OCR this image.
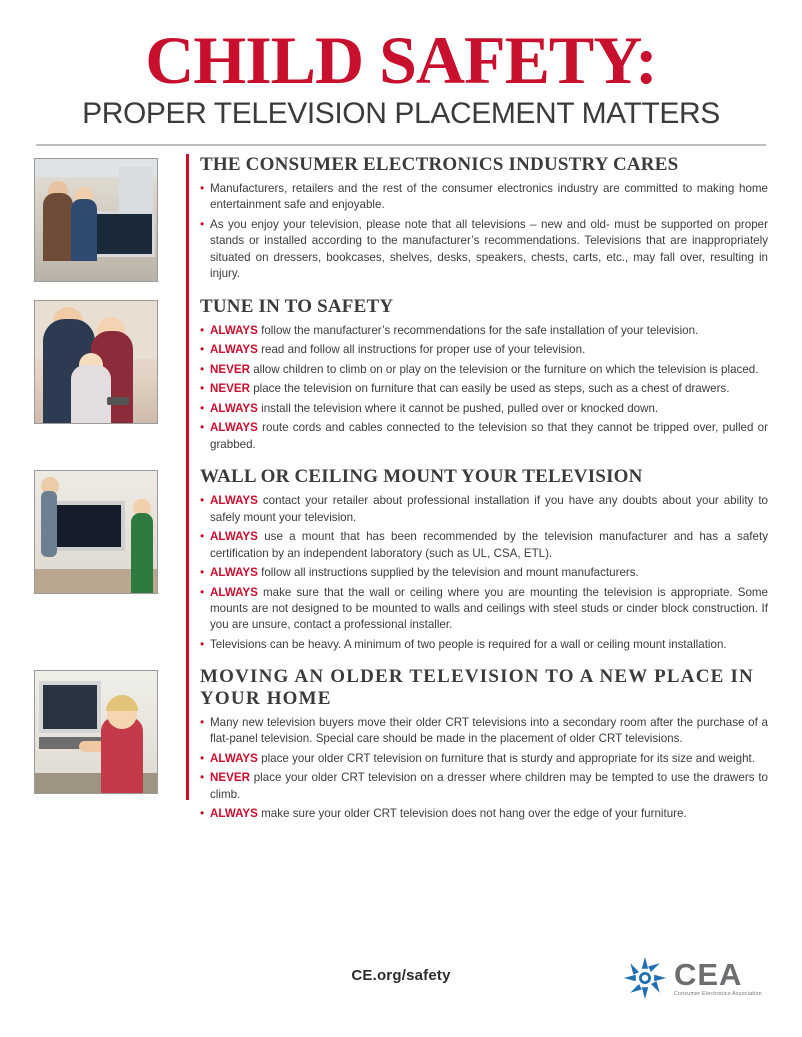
CHILD SAFETY:
PROPER TELEVISION PLACEMENT MATTERS
THE CONSUMER ELECTRONICS INDUSTRY CARES
• Manufacturers, retailers and the rest of the consumer electronics industry are committed to making home entertainment safe and enjoyable.
• As you enjoy your television, please note that all televisions – new and old- must be supported on proper stands or installed according to the manufacturer’s recommendations. Televisions that are inappropriately situated on dressers, bookcases, shelves, desks, speakers, chests, carts, etc., may fall over, resulting in injury.
TUNE IN TO SAFETY
• ALWAYS follow the manufacturer’s recommendations for the safe installation of your television.
• ALWAYS read and follow all instructions for proper use of your television.
• NEVER allow children to climb on or play on the television or the furniture on which the television is placed.
• NEVER place the television on furniture that can easily be used as steps, such as a chest of drawers.
• ALWAYS install the television where it cannot be pushed, pulled over or knocked down.
• ALWAYS route cords and cables connected to the television so that they cannot be tripped over, pulled or grabbed.
WALL OR CEILING MOUNT YOUR TELEVISION
• ALWAYS contact your retailer about professional installation if you have any doubts about your ability to safely mount your television.
• ALWAYS use a mount that has been recommended by the television manufacturer and has a safety certification by an independent laboratory (such as UL, CSA, ETL).
• ALWAYS follow all instructions supplied by the television and mount manufacturers.
• ALWAYS make sure that the wall or ceiling where you are mounting the television is appropriate. Some mounts are not designed to be mounted to walls and ceilings with steel studs or cinder block construction. If you are unsure, contact a professional installer.
• Televisions can be heavy. A minimum of two people is required for a wall or ceiling mount installation.
MOVING AN OLDER TELEVISION TO A NEW PLACE IN YOUR HOME
• Many new television buyers move their older CRT televisions into a secondary room after the purchase of a flat-panel television. Special care should be made in the placement of older CRT televisions.
• ALWAYS place your older CRT television on furniture that is sturdy and appropriate for its size and weight.
• NEVER place your older CRT television on a dresser where children may be tempted to use the drawers to climb.
• ALWAYS make sure your older CRT television does not hang over the edge of your furniture.
CE.org/safety	CEA
Consumer Electronics Association
